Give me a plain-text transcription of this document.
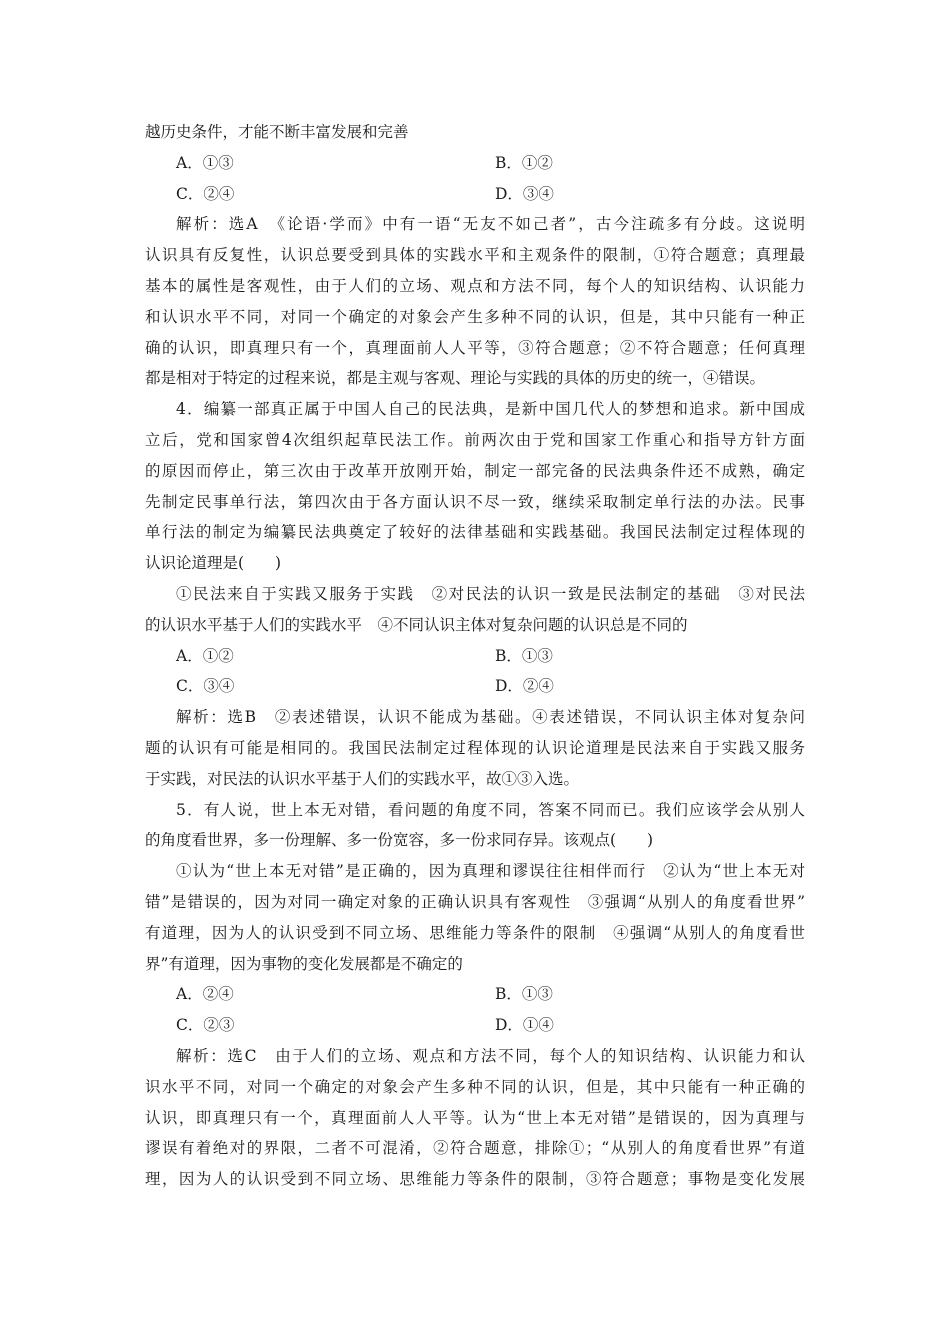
越历史条件，才能不断丰富发展和完善
A．①③	B．①②
C．②④	D．③④
解析：选A　《论语·学而》中有一语“无友不如己者”，古今注疏多有分歧。这说明
认识具有反复性，认识总要受到具体的实践水平和主观条件的限制，①符合题意；真理最
基本的属性是客观性，由于人们的立场、观点和方法不同，每个人的知识结构、认识能力
和认识水平不同，对同一个确定的对象会产生多种不同的认识，但是，其中只能有一种正
确的认识，即真理只有一个，真理面前人人平等，③符合题意；②不符合题意；任何真理
都是相对于特定的过程来说，都是主观与客观、理论与实践的具体的历史的统一，④错误。
4．编纂一部真正属于中国人自己的民法典，是新中国几代人的梦想和追求。新中国成
立后，党和国家曾4次组织起草民法工作。前两次由于党和国家工作重心和指导方针方面
的原因而停止，第三次由于改革开放刚开始，制定一部完备的民法典条件还不成熟，确定
先制定民事单行法，第四次由于各方面认识不尽一致，继续采取制定单行法的办法。民事
单行法的制定为编纂民法典奠定了较好的法律基础和实践基础。我国民法制定过程体现的
认识论道理是(　　)
①民法来自于实践又服务于实践　②对民法的认识一致是民法制定的基础　③对民法
的认识水平基于人们的实践水平　④不同认识主体对复杂问题的认识总是不同的
A．①②	B．①③
C．③④	D．②④
解析：选B　②表述错误，认识不能成为基础。④表述错误，不同认识主体对复杂问
题的认识有可能是相同的。我国民法制定过程体现的认识论道理是民法来自于实践又服务
于实践，对民法的认识水平基于人们的实践水平，故①③入选。
5．有人说，世上本无对错，看问题的角度不同，答案不同而已。我们应该学会从别人
的角度看世界，多一份理解、多一份宽容，多一份求同存异。该观点(　　)
①认为“世上本无对错”是正确的，因为真理和谬误往往相伴而行　②认为“世上本无对
错”是错误的，因为对同一确定对象的正确认识具有客观性　③强调“从别人的角度看世界”
有道理，因为人的认识受到不同立场、思维能力等条件的限制　④强调“从别人的角度看世
界”有道理，因为事物的变化发展都是不确定的
A．②④	B．①③
C．②③	D．①④
解析：选C　由于人们的立场、观点和方法不同，每个人的知识结构、认识能力和认
识水平不同，对同一个确定的对象会产生多种不同的认识，但是，其中只能有一种正确的
认识，即真理只有一个，真理面前人人平等。认为“世上本无对错”是错误的，因为真理与
谬误有着绝对的界限，二者不可混淆，②符合题意，排除①；“从别人的角度看世界”有道
理，因为人的认识受到不同立场、思维能力等条件的限制，③符合题意；事物是变化发展
